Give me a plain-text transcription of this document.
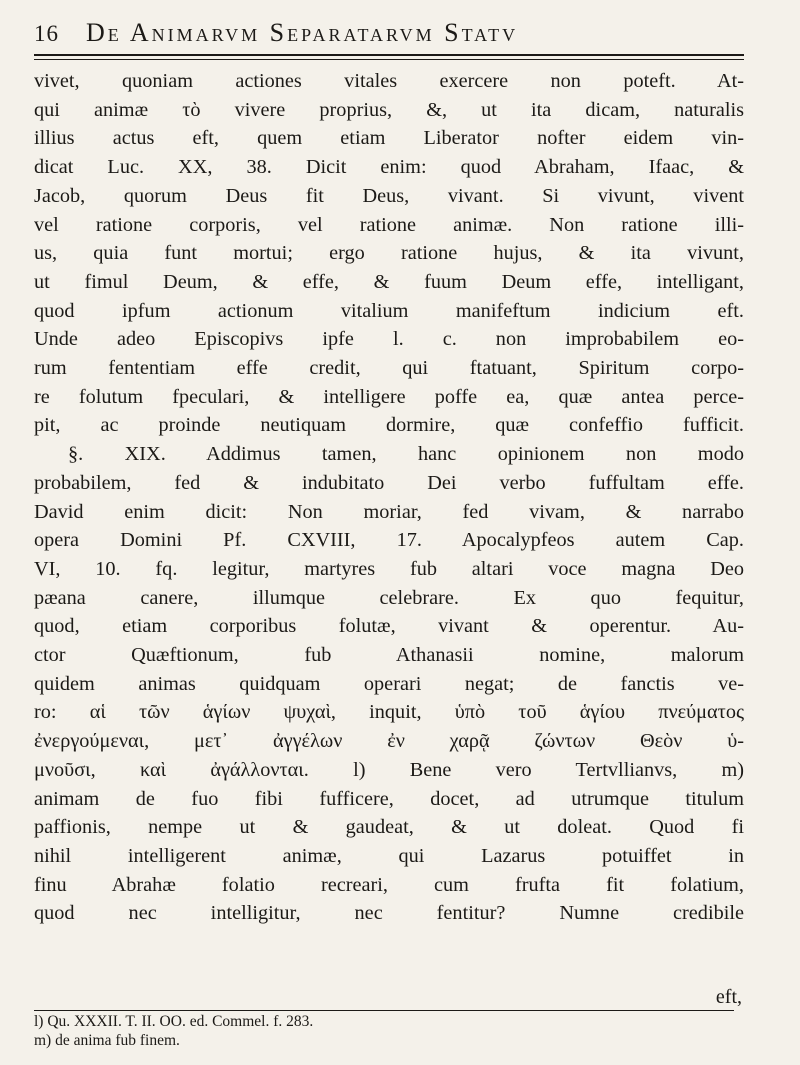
16	De Animarvm Separatarvm Statv
vivet, quoniam actiones vitales exercere non poteft. At-
qui animæ τὸ vivere proprius, &, ut ita dicam, naturalis
illius actus eft, quem etiam Liberator nofter eidem vin-
dicat Luc. XX, 38. Dicit enim: quod Abraham, Ifaac, &
Jacob, quorum Deus fit Deus, vivant. Si vivunt, vivent
vel ratione corporis, vel ratione animæ. Non ratione illi-
us, quia funt mortui; ergo ratione hujus, & ita vivunt,
ut fimul Deum, & effe, & fuum Deum effe, intelligant,
quod ipfum actionum vitalium manifeftum indicium eft.
Unde adeo Episcopivs ipfe l. c. non improbabilem eo-
rum fententiam effe credit, qui ftatuant, Spiritum corpo-
re folutum fpeculari, & intelligere poffe ea, quæ antea perce-
pit, ac proinde neutiquam dormire, quæ confeffio fufficit.
§. XIX. Addimus tamen, hanc opinionem non modo
probabilem, fed & indubitato Dei verbo fuffultam effe.
David enim dicit: Non moriar, fed vivam, & narrabo
opera Domini Pf. CXVIII, 17. Apocalypfeos autem Cap.
VI, 10. fq. legitur, martyres fub altari voce magna Deo
pæana canere, illumque celebrare. Ex quo fequitur,
quod, etiam corporibus folutæ, vivant & operentur. Au-
ctor Quæftionum, fub Athanasii nomine, malorum
quidem animas quidquam operari negat; de fanctis ve-
ro: αἱ τῶν ἁγίων ψυχαὶ, inquit, ὑπὸ τοῦ ἁγίου πνεύματος
ἐνεργούμεναι, μετ᾽ ἀγγέλων ἐν χαρᾷ ζώντων Θεὸν ὑ-
μνοῦσι, καὶ ἀγάλλονται. l) Bene vero Tertvllianvs, m)
animam de fuo fibi fufficere, docet, ad utrumque titulum
paffionis, nempe ut & gaudeat, & ut doleat. Quod fi
nihil intelligerent animæ, qui Lazarus potuiffet in
finu Abrahæ folatio recreari, cum frufta fit folatium,
quod nec intelligitur, nec fentitur? Numne credibile
eft,
l) Qu. XXXII. T. II. OO. ed. Commel. f. 283.
m) de anima fub finem.
